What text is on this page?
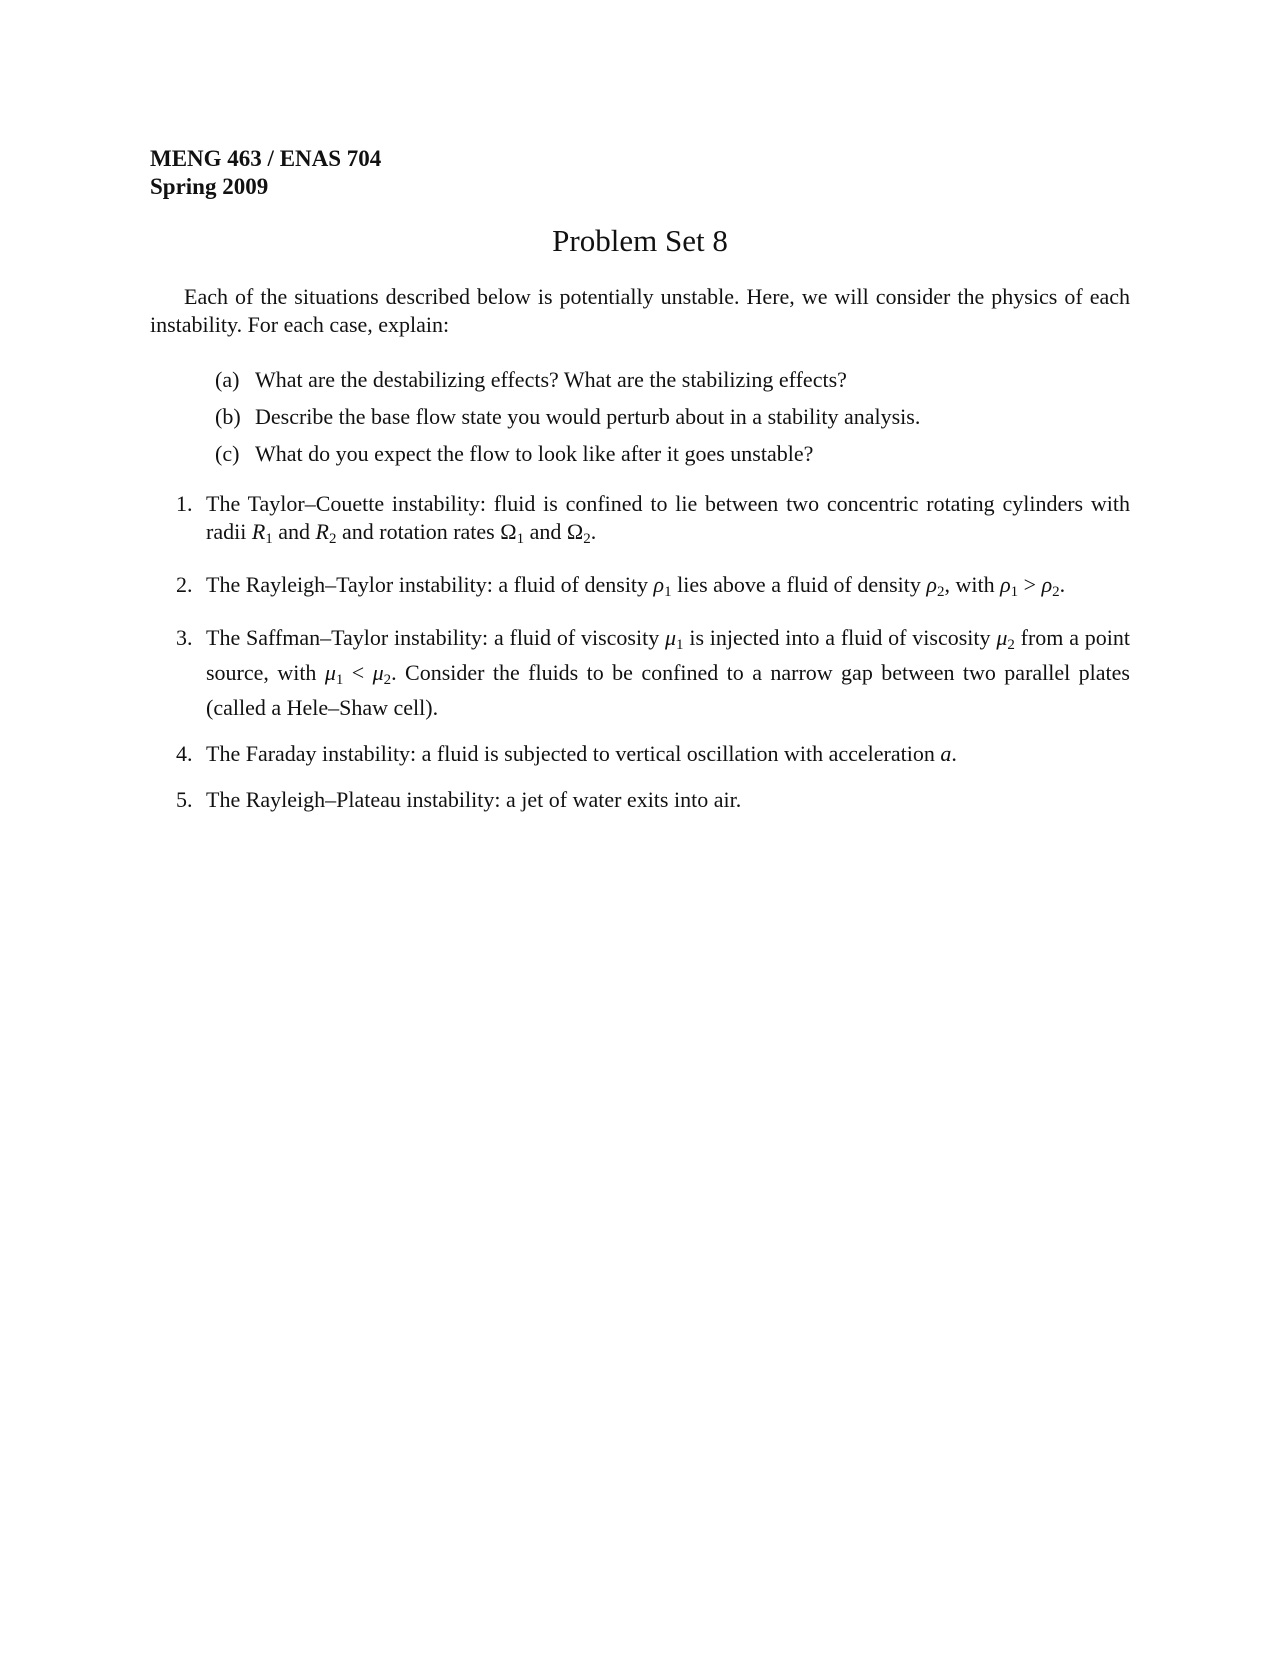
MENG 463 / ENAS 704
Spring 2009
Problem Set 8

Each of the situations described below is potentially unstable. Here, we will consider the physics of each instability. For each case, explain:

(a) What are the destabilizing effects? What are the stabilizing effects?
(b) Describe the base flow state you would perturb about in a stability analysis.
(c) What do you expect the flow to look like after it goes unstable?
1. The Taylor–Couette instability: fluid is confined to lie between two concentric rotating cylinders with radii $R_1$ and $R_2$ and rotation rates $\Omega_1$ and $\Omega_2$.
2. The Rayleigh–Taylor instability: a fluid of density $\rho_1$ lies above a fluid of density $\rho_2$, with $\rho_1 > \rho_2$.
3. The Saffman–Taylor instability: a fluid of viscosity $\mu_1$ is injected into a fluid of viscosity $\mu_2$ from a point source, with $\mu_1 < \mu_2$. Consider the fluids to be confined to a narrow gap between two parallel plates (called a Hele–Shaw cell).
4. The Faraday instability: a fluid is subjected to vertical oscillation with acceleration a.
5. The Rayleigh–Plateau instability: a jet of water exits into air.
